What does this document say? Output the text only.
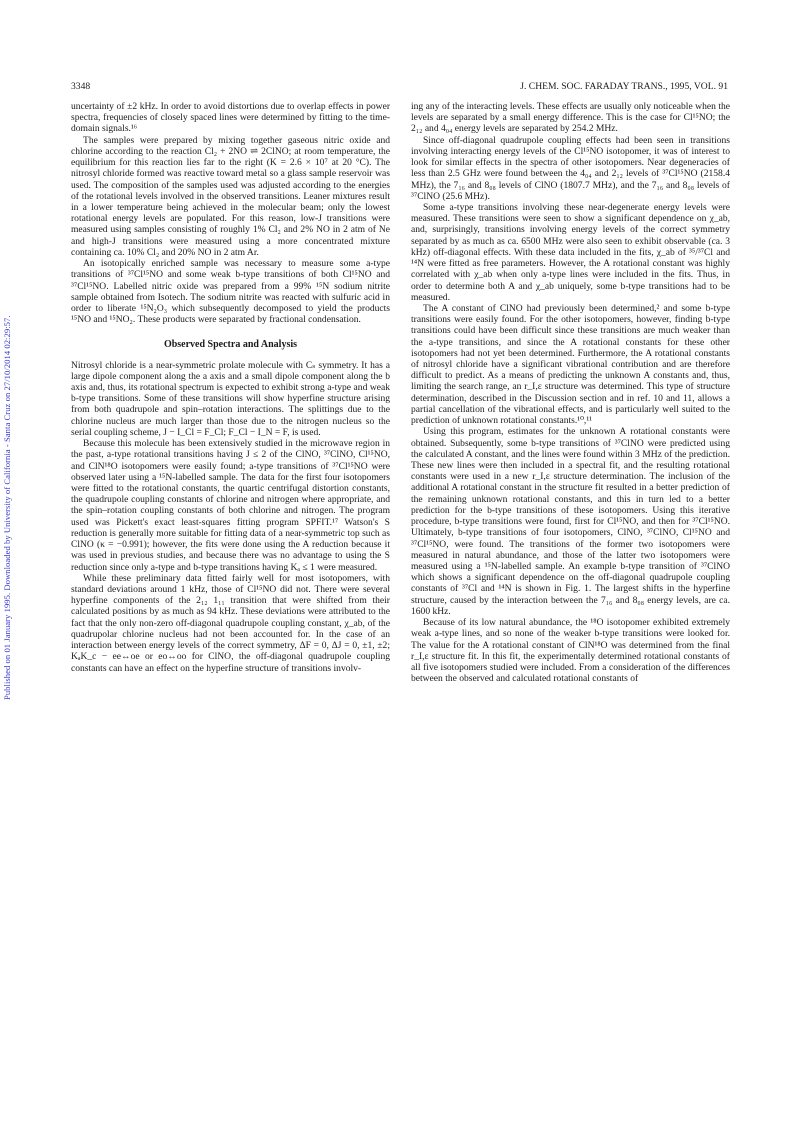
Published on 01 January 1995. Downloaded by University of California - Santa Cruz on 27/10/2014 02:29:57.
3348	J. CHEM. SOC. FARADAY TRANS., 1995, VOL. 91

uncertainty of ±2 kHz. In order to avoid distortions due to overlap effects in power spectra, frequencies of closely spaced lines were determined by fitting to the time-domain signals.¹⁶

The samples were prepared by mixing together gaseous nitric oxide and chlorine according to the reaction Cl₂ + 2NO ⇌ 2ClNO; at room temperature, the equilibrium for this reaction lies far to the right (K = 2.6 × 10⁷ at 20 °C). The nitrosyl chloride formed was reactive toward metal so a glass sample reservoir was used. The composition of the samples used was adjusted according to the energies of the rotational levels involved in the observed transitions. Leaner mixtures result in a lower temperature being achieved in the molecular beam; only the lowest rotational energy levels are populated. For this reason, low-J transitions were measured using samples consisting of roughly 1% Cl₂ and 2% NO in 2 atm of Ne and high-J transitions were measured using a more concentrated mixture containing ca. 10% Cl₂ and 20% NO in 2 atm Ar.

An isotopically enriched sample was necessary to measure some a-type transitions of ³⁷Cl¹⁵NO and some weak b-type transitions of both Cl¹⁵NO and ³⁷Cl¹⁵NO. Labelled nitric oxide was prepared from a 99% ¹⁵N sodium nitrite sample obtained from Isotech. The sodium nitrite was reacted with sulfuric acid in order to liberate ¹⁵N₂O₃ which subsequently decomposed to yield the products ¹⁵NO and ¹⁵NO₂. These products were separated by fractional condensation.

Observed Spectra and Analysis

Nitrosyl chloride is a near-symmetric prolate molecule with Cₛ symmetry. It has a large dipole component along the a axis and a small dipole component along the b axis and, thus, its rotational spectrum is expected to exhibit strong a-type and weak b-type transitions. Some of these transitions will show hyperfine structure arising from both quadrupole and spin–rotation interactions. The splittings due to the chlorine nucleus are much larger than those due to the nitrogen nucleus so the serial coupling scheme, J − I_Cl = F_Cl; F_Cl − I_N = F, is used.

Because this molecule has been extensively studied in the microwave region in the past, a-type rotational transitions having J ≤ 2 of the ClNO, ³⁷ClNO, Cl¹⁵NO, and ClN¹⁸O isotopomers were easily found; a-type transitions of ³⁷Cl¹⁵NO were observed later using a ¹⁵N-labelled sample. The data for the first four isotopomers were fitted to the rotational constants, the quartic centrifugal distortion constants, the quadrupole coupling constants of chlorine and nitrogen where appropriate, and the spin–rotation coupling constants of both chlorine and nitrogen. The program used was Pickett's exact least-squares fitting program SPFIT.¹⁷ Watson's S reduction is generally more suitable for fitting data of a near-symmetric top such as ClNO (κ = −0.991); however, the fits were done using the A reduction because it was used in previous studies, and because there was no advantage to using the S reduction since only a-type and b-type transitions having Kₐ ≤ 1 were measured.

While these preliminary data fitted fairly well for most isotopomers, with standard deviations around 1 kHz, those of Cl¹⁵NO did not. There were several hyperfine components of the 2₁₂ 1₁₁ transition that were shifted from their calculated positions by as much as 94 kHz. These deviations were attributed to the fact that the only non-zero off-diagonal quadrupole coupling constant, χ_ab, of the quadrupolar chlorine nucleus had not been accounted for. In the case of an interaction between energy levels of the correct symmetry, ΔF = 0, ΔJ = 0, ±1, ±2; KₐK_c − ee↔oe or eo↔oo for ClNO, the off-diagonal quadrupole coupling constants can have an effect on the hyperfine structure of transitions involv-

ing any of the interacting levels. These effects are usually only noticeable when the levels are separated by a small energy difference. This is the case for Cl¹⁵NO; the 2₁₂ and 4₀₄ energy levels are separated by 254.2 MHz.

Since off-diagonal quadrupole coupling effects had been seen in transitions involving interacting energy levels of the Cl¹⁵NO isotopomer, it was of interest to look for similar effects in the spectra of other isotopomers. Near degeneracies of less than 2.5 GHz were found between the 4₀₄ and 2₁₂ levels of ³⁷Cl¹⁵NO (2158.4 MHz), the 7₁₆ and 8₀₈ levels of ClNO (1807.7 MHz), and the 7₁₆ and 8₀₈ levels of ³⁷ClNO (25.6 MHz).

Some a-type transitions involving these near-degenerate energy levels were measured. These transitions were seen to show a significant dependence on χ_ab, and, surprisingly, transitions involving energy levels of the correct symmetry separated by as much as ca. 6500 MHz were also seen to exhibit observable (ca. 3 kHz) off-diagonal effects. With these data included in the fits, χ_ab of ³⁵/³⁷Cl and ¹⁴N were fitted as free parameters. However, the A rotational constant was highly correlated with χ_ab when only a-type lines were included in the fits. Thus, in order to determine both A and χ_ab uniquely, some b-type transitions had to be measured.

The A constant of ClNO had previously been determined,² and some b-type transitions were easily found. For the other isotopomers, however, finding b-type transitions could have been difficult since these transitions are much weaker than the a-type transitions, and since the A rotational constants for these other isotopomers had not yet been determined. Furthermore, the A rotational constants of nitrosyl chloride have a significant vibrational contribution and are therefore difficult to predict. As a means of predicting the unknown A constants and, thus, limiting the search range, an r_I,ε structure was determined. This type of structure determination, described in the Discussion section and in ref. 10 and 11, allows a partial cancellation of the vibrational effects, and is particularly well suited to the prediction of unknown rotational constants.¹⁰,¹¹

Using this program, estimates for the unknown A rotational constants were obtained. Subsequently, some b-type transitions of ³⁷ClNO were predicted using the calculated A constant, and the lines were found within 3 MHz of the prediction. These new lines were then included in a spectral fit, and the resulting rotational constants were used in a new r_I,ε structure determination. The inclusion of the additional A rotational constant in the structure fit resulted in a better prediction of the remaining unknown rotational constants, and this in turn led to a better prediction for the b-type transitions of these isotopomers. Using this iterative procedure, b-type transitions were found, first for Cl¹⁵NO, and then for ³⁷Cl¹⁵NO. Ultimately, b-type transitions of four isotopomers, ClNO, ³⁷ClNO, Cl¹⁵NO and ³⁷Cl¹⁵NO, were found. The transitions of the former two isotopomers were measured in natural abundance, and those of the latter two isotopomers were measured using a ¹⁵N-labelled sample. An example b-type transition of ³⁷ClNO which shows a significant dependence on the off-diagonal quadrupole coupling constants of ³⁷Cl and ¹⁴N is shown in Fig. 1. The largest shifts in the hyperfine structure, caused by the interaction between the 7₁₆ and 8₀₈ energy levels, are ca. 1600 kHz.

Because of its low natural abundance, the ¹⁸O isotopomer exhibited extremely weak a-type lines, and so none of the weaker b-type transitions were looked for. The value for the A rotational constant of ClN¹⁸O was determined from the final r_I,ε structure fit. In this fit, the experimentally determined rotational constants of all five isotopomers studied were included. From a consideration of the differences between the observed and calculated rotational constants of
